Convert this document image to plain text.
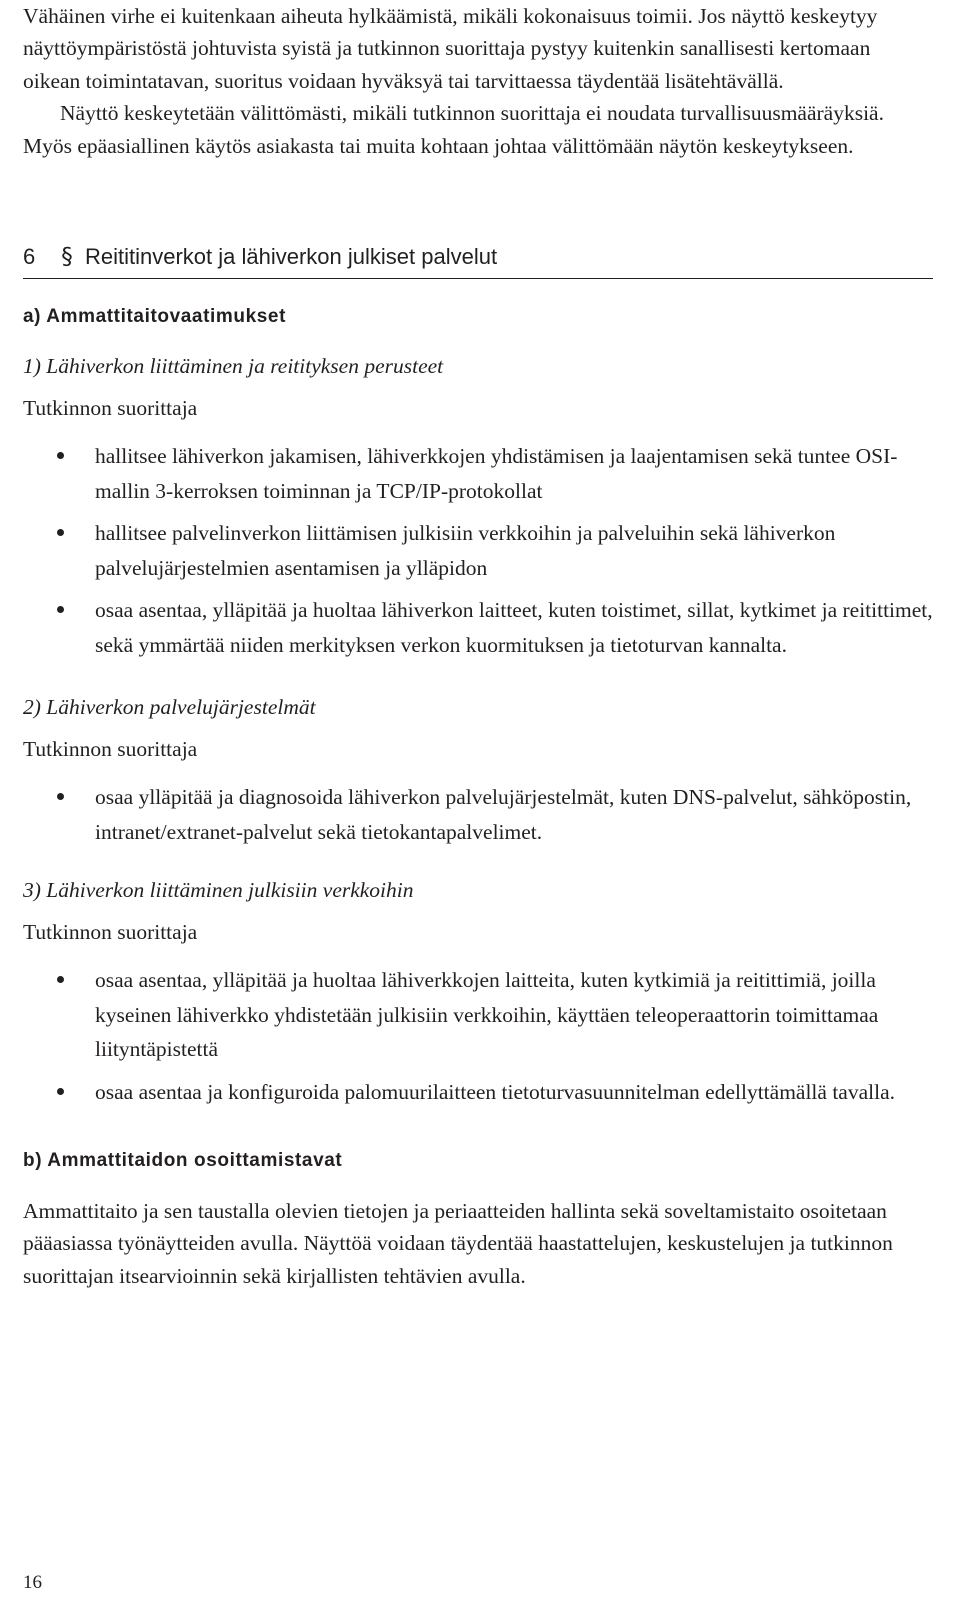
Vähäinen virhe ei kuitenkaan aiheuta hylkäämistä, mikäli kokonaisuus toimii. Jos näyttö keskeytyy näyttöympäristöstä johtuvista syistä ja tutkinnon suorittaja pystyy kuitenkin sanallisesti kertomaan oikean toimintatavan, suoritus voidaan hyväksyä tai tarvittaessa täydentää lisätehtävällä.

Näyttö keskeytetään välittömästi, mikäli tutkinnon suorittaja ei noudata turvallisuusmääräyksiä. Myös epäasiallinen käytös asiakasta tai muita kohtaan johtaa välittömään näytön keskeytykseen.

6	§ Reititinverkot ja lähiverkon julkiset palvelut
a) Ammattitaitovaatimukset
1) Lähiverkon liittäminen ja reitityksen perusteet
Tutkinnon suorittaja
hallitsee lähiverkon jakamisen, lähiverkkojen yhdistämisen ja laajentamisen sekä tuntee OSI-mallin 3-kerroksen toiminnan ja TCP/IP-protokollat
hallitsee palvelinverkon liittämisen julkisiin verkkoihin ja palveluihin sekä lähiverkon palvelujärjestelmien asentamisen ja ylläpidon
osaa asentaa, ylläpitää ja huoltaa lähiverkon laitteet, kuten toistimet, sillat, kytkimet ja reitittimet, sekä ymmärtää niiden merkityksen verkon kuormituksen ja tietoturvan kannalta.
2) Lähiverkon palvelujärjestelmät
Tutkinnon suorittaja
osaa ylläpitää ja diagnosoida lähiverkon palvelujärjestelmät, kuten DNS-palvelut, sähköpostin, intranet/extranet-palvelut sekä tietokantapalvelimet.
3) Lähiverkon liittäminen julkisiin verkkoihin
Tutkinnon suorittaja
osaa asentaa, ylläpitää ja huoltaa lähiverkkojen laitteita, kuten kytkimiä ja reitittimiä, joilla kyseinen lähiverkko yhdistetään julkisiin verkkoihin, käyttäen teleoperaattorin toimittamaa liityntäpistettä
osaa asentaa ja konfiguroida palomuurilaitteen tietoturvasuunnitelman edellyttämällä tavalla.
b) Ammattitaidon osoittamistavat

Ammattitaito ja sen taustalla olevien tietojen ja periaatteiden hallinta sekä soveltamistaito osoitetaan pääasiassa työnäytteiden avulla. Näyttöä voidaan täydentää haastattelujen, keskustelujen ja tutkinnon suorittajan itsearvioinnin sekä kirjallisten tehtävien avulla.

16
